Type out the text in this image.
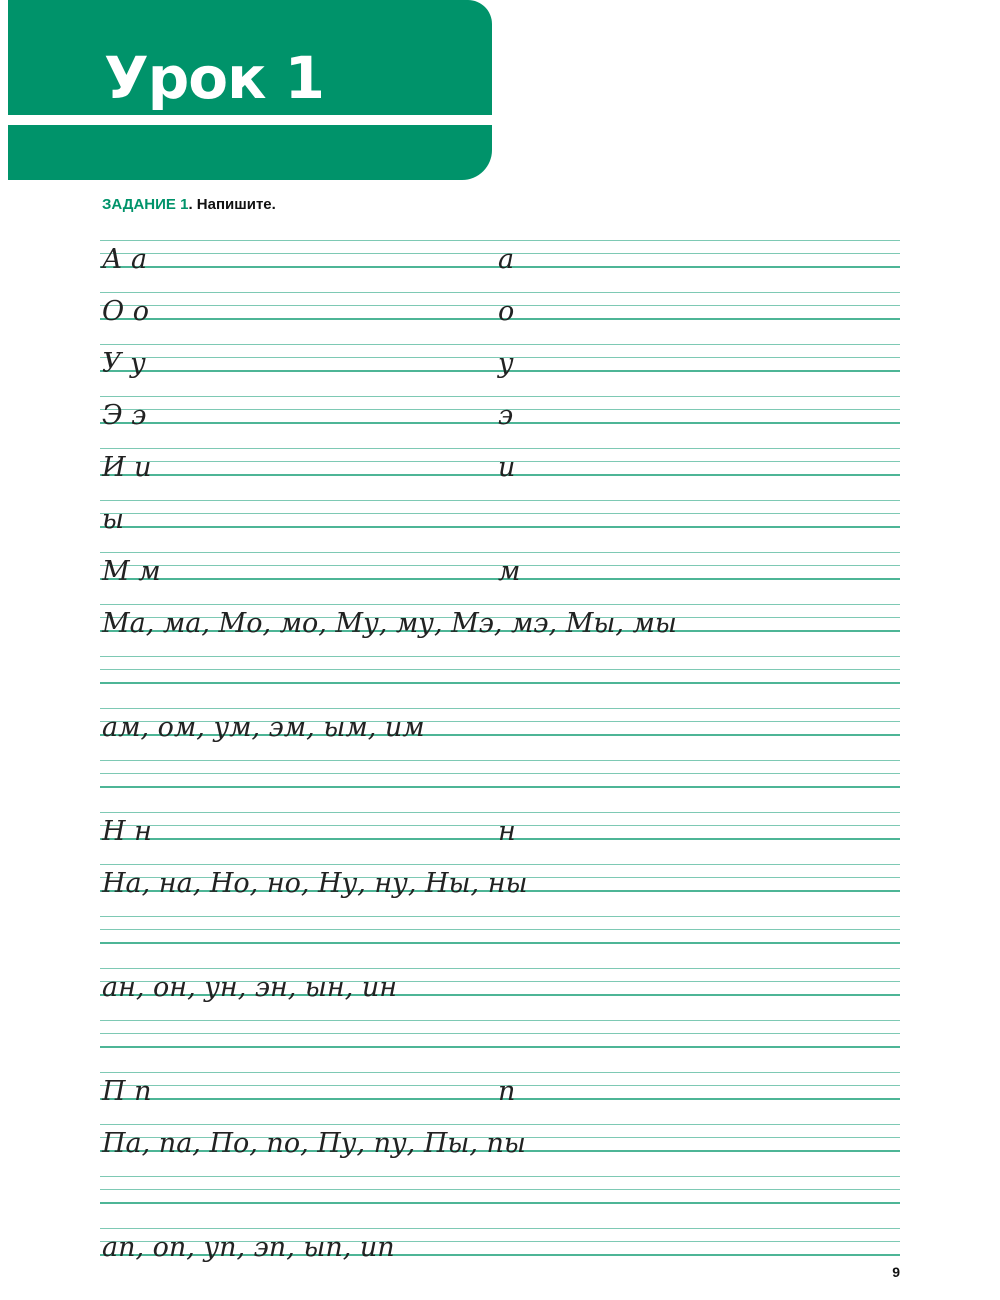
Урок 1
ЗАДАНИЕ 1. Напишите.
А а	а
О о	о
У у	у
Э э	э
И и	и
ы
М м	м
Ма, ма, Мо, мо, Му, му, Мэ, мэ, Мы, мы
ам, ом, ум, эм, ым, им
Н н	н
На, на, Но, но, Ну, ну, Ны, ны
ан, он, ун, эн, ын, ин
П п	п
Па, па, По, по, Пу, пу, Пы, пы
ап, оп, уп, эп, ып, ип
9
